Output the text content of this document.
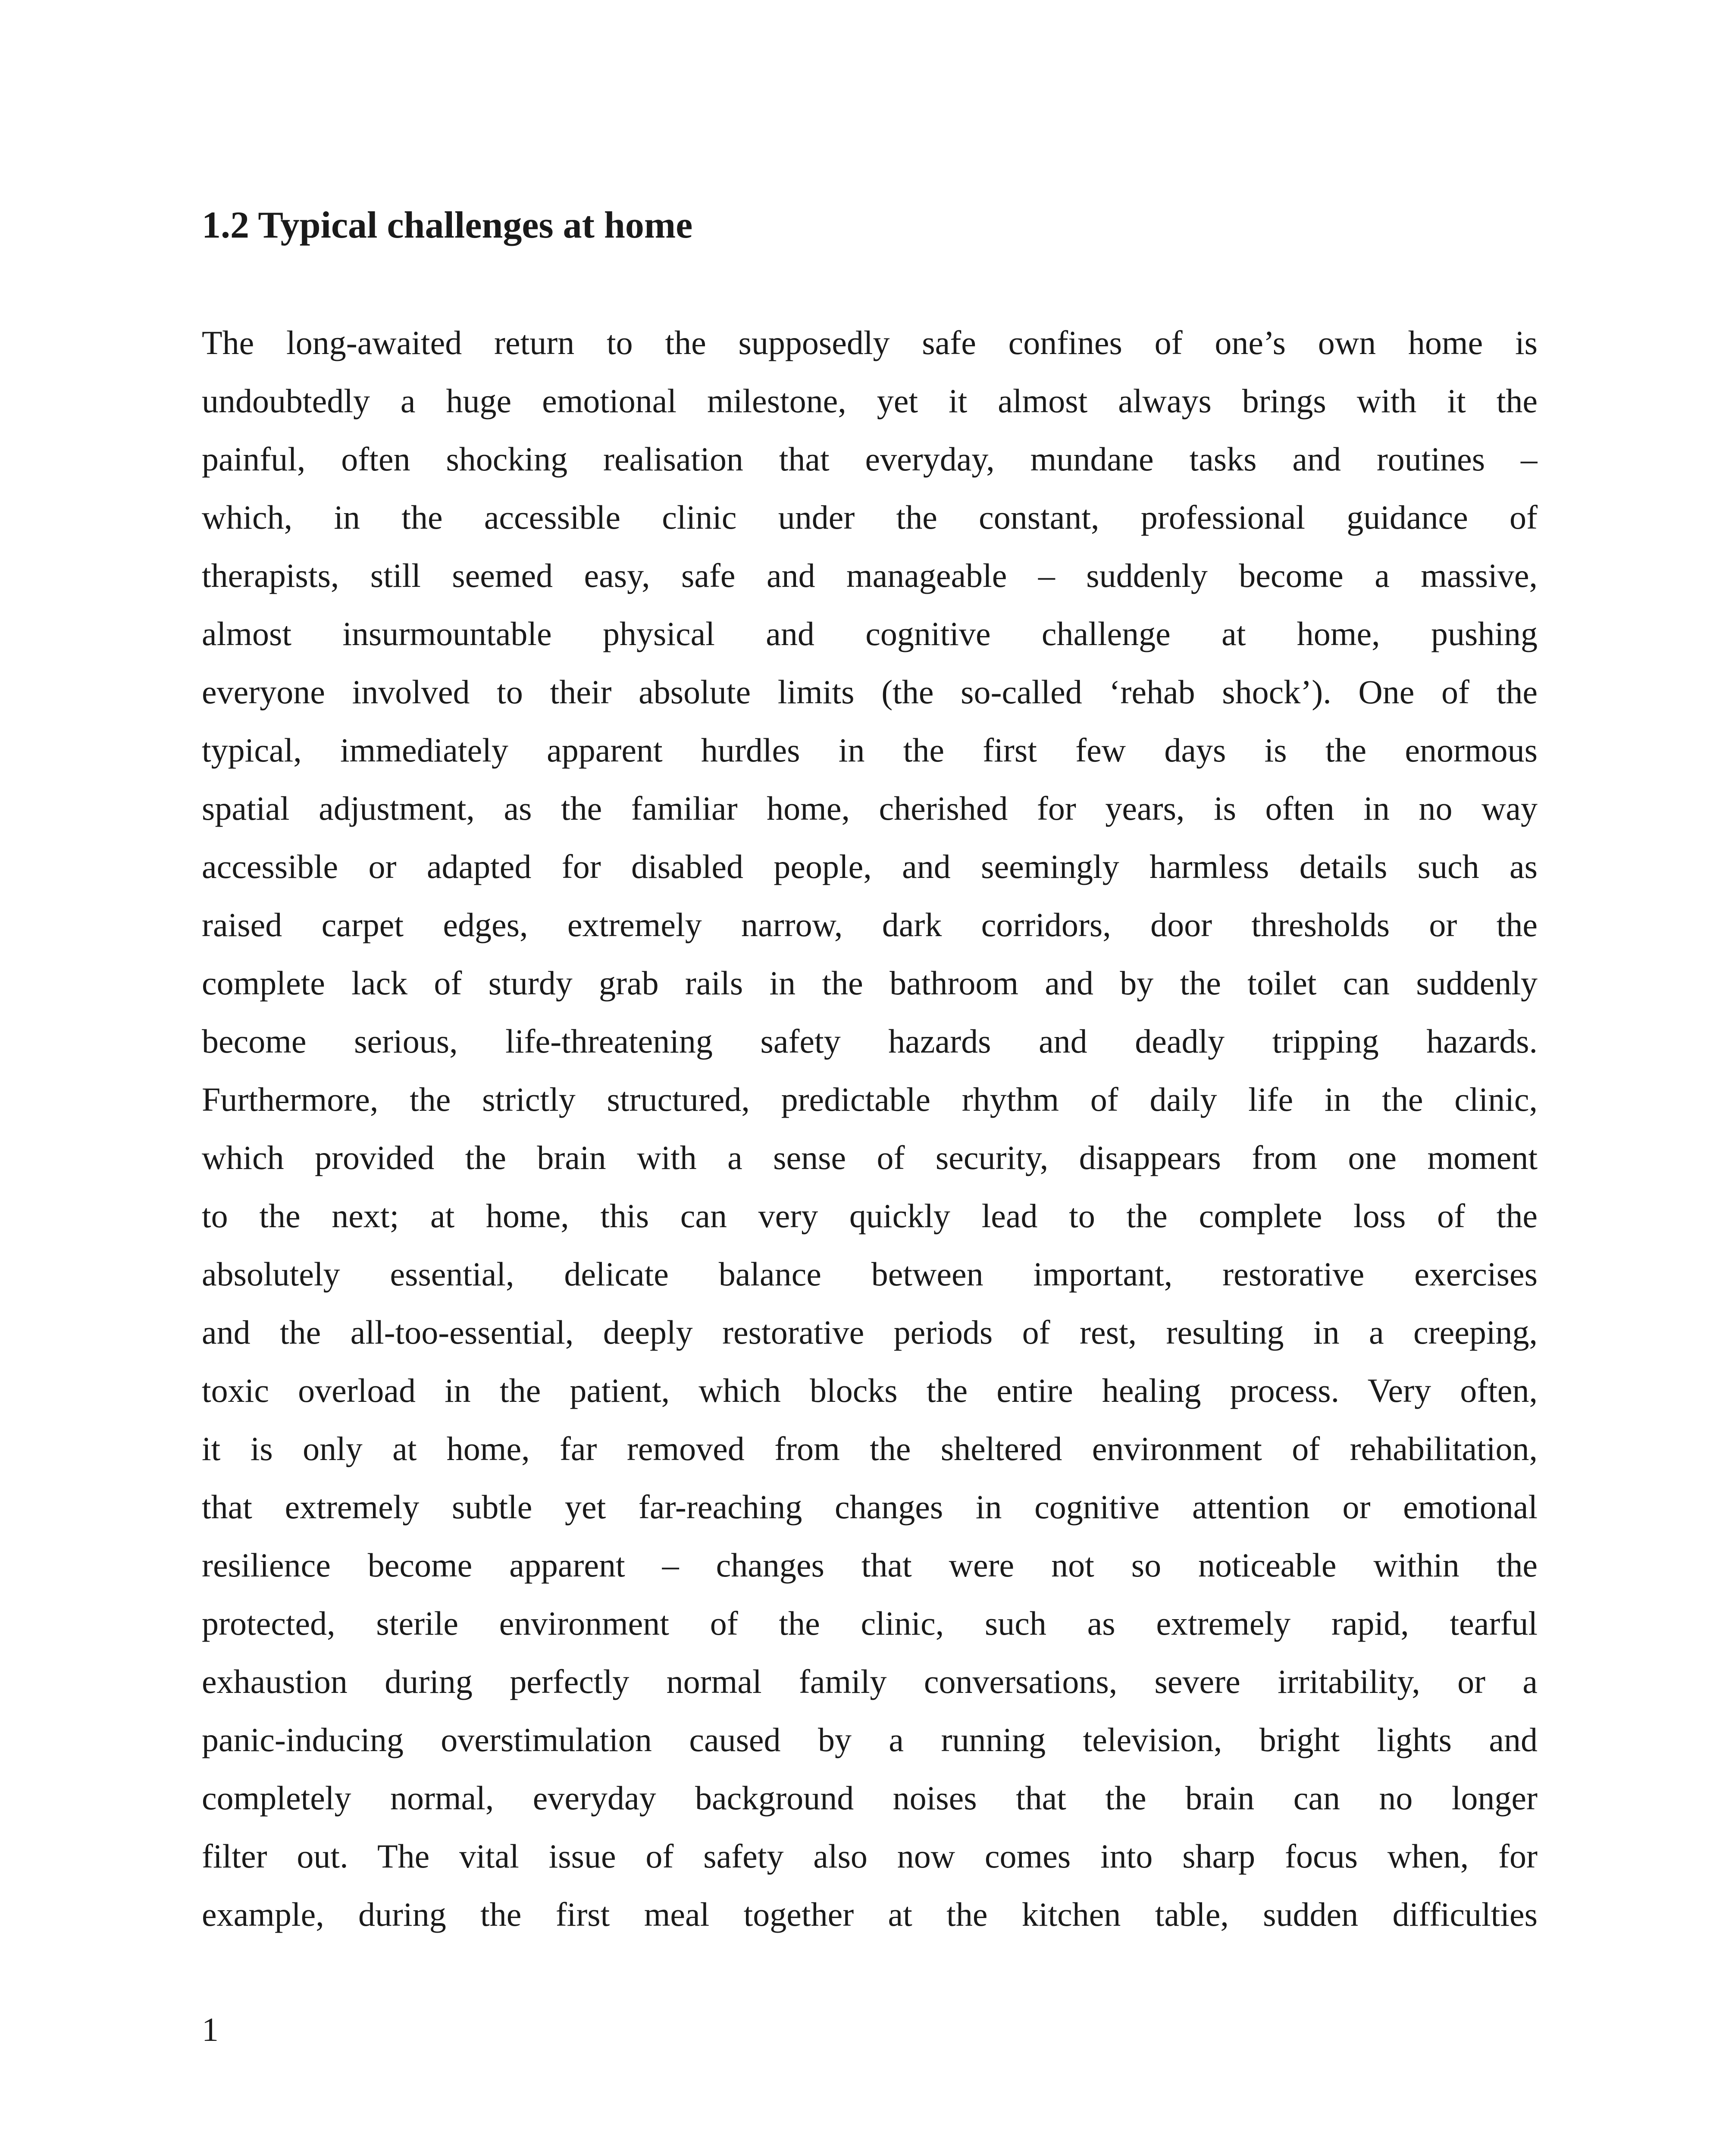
1.2 Typical challenges at home
The long-awaited return to the supposedly safe confines of one’s own home is
undoubtedly a huge emotional milestone, yet it almost always brings with it the
painful, often shocking realisation that everyday, mundane tasks and routines –
which, in the accessible clinic under the constant, professional guidance of
therapists, still seemed easy, safe and manageable – suddenly become a massive,
almost insurmountable physical and cognitive challenge at home, pushing
everyone involved to their absolute limits (the so-called ‘rehab shock’). One of the
typical, immediately apparent hurdles in the first few days is the enormous
spatial adjustment, as the familiar home, cherished for years, is often in no way
accessible or adapted for disabled people, and seemingly harmless details such as
raised carpet edges, extremely narrow, dark corridors, door thresholds or the
complete lack of sturdy grab rails in the bathroom and by the toilet can suddenly
become serious, life-threatening safety hazards and deadly tripping hazards.
Furthermore, the strictly structured, predictable rhythm of daily life in the clinic,
which provided the brain with a sense of security, disappears from one moment
to the next; at home, this can very quickly lead to the complete loss of the
absolutely essential, delicate balance between important, restorative exercises
and the all-too-essential, deeply restorative periods of rest, resulting in a creeping,
toxic overload in the patient, which blocks the entire healing process. Very often,
it is only at home, far removed from the sheltered environment of rehabilitation,
that extremely subtle yet far-reaching changes in cognitive attention or emotional
resilience become apparent – changes that were not so noticeable within the
protected, sterile environment of the clinic, such as extremely rapid, tearful
exhaustion during perfectly normal family conversations, severe irritability, or a
panic-inducing overstimulation caused by a running television, bright lights and
completely normal, everyday background noises that the brain can no longer
filter out. The vital issue of safety also now comes into sharp focus when, for
example, during the first meal together at the kitchen table, sudden difficulties
1
